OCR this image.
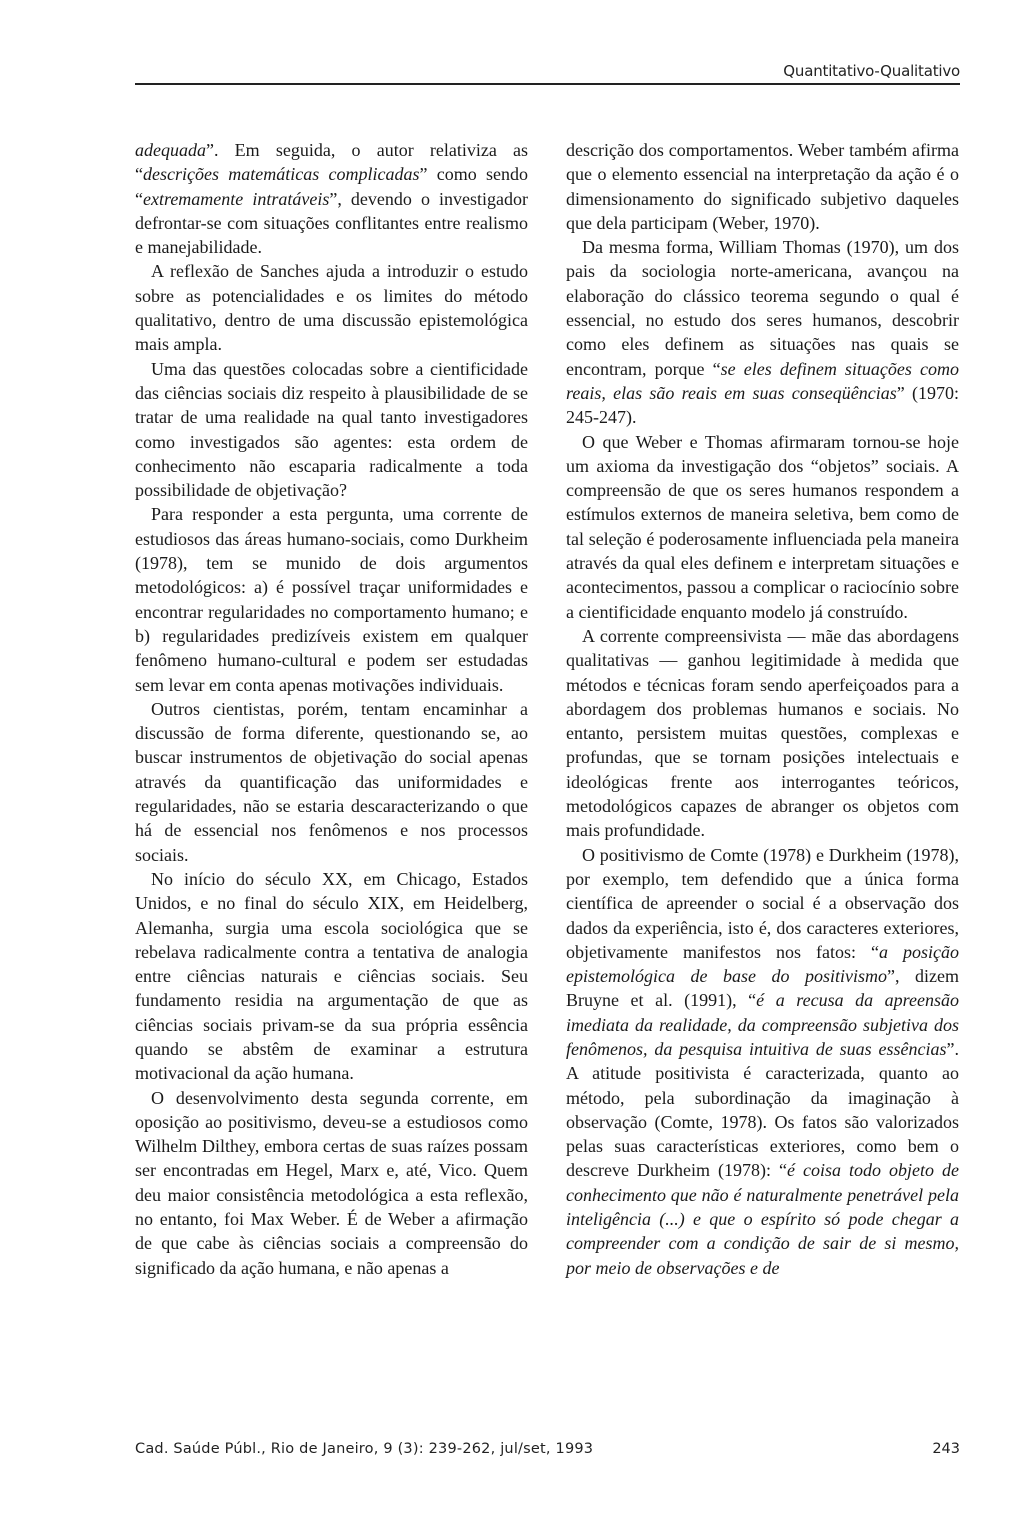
Quantitativo-Qualitativo

adequada”. Em seguida, o autor relativiza as “descrições matemáticas complicadas” como sendo “extremamente intratáveis”, devendo o investigador defrontar-se com situações conflitantes entre realismo e manejabilidade.

A reflexão de Sanches ajuda a introduzir o estudo sobre as potencialidades e os limites do método qualitativo, dentro de uma discussão epistemológica mais ampla.

Uma das questões colocadas sobre a cientificidade das ciências sociais diz respeito à plausibilidade de se tratar de uma realidade na qual tanto investigadores como investigados são agentes: esta ordem de conhecimento não escaparia radicalmente a toda possibilidade de objetivação?

Para responder a esta pergunta, uma corrente de estudiosos das áreas humano-sociais, como Durkheim (1978), tem se munido de dois argumentos metodológicos: a) é possível traçar uniformidades e encontrar regularidades no comportamento humano; e b) regularidades predizíveis existem em qualquer fenômeno humano-cultural e podem ser estudadas sem levar em conta apenas motivações individuais.

Outros cientistas, porém, tentam encaminhar a discussão de forma diferente, questionando se, ao buscar instrumentos de objetivação do social apenas através da quantificação das uniformidades e regularidades, não se estaria descaracterizando o que há de essencial nos fenômenos e nos processos sociais.

No início do século XX, em Chicago, Estados Unidos, e no final do século XIX, em Heidelberg, Alemanha, surgia uma escola sociológica que se rebelava radicalmente contra a tentativa de analogia entre ciências naturais e ciências sociais. Seu fundamento residia na argumentação de que as ciências sociais privam-se da sua própria essência quando se abstêm de examinar a estrutura motivacional da ação humana.

O desenvolvimento desta segunda corrente, em oposição ao positivismo, deveu-se a estudiosos como Wilhelm Dilthey, embora certas de suas raízes possam ser encontradas em Hegel, Marx e, até, Vico. Quem deu maior consistência metodológica a esta reflexão, no entanto, foi Max Weber. É de Weber a afirmação de que cabe às ciências sociais a compreensão do significado da ação humana, e não apenas a

descrição dos comportamentos. Weber também afirma que o elemento essencial na interpretação da ação é o dimensionamento do significado subjetivo daqueles que dela participam (Weber, 1970).

Da mesma forma, William Thomas (1970), um dos pais da sociologia norte-americana, avançou na elaboração do clássico teorema segundo o qual é essencial, no estudo dos seres humanos, descobrir como eles definem as situações nas quais se encontram, porque “se eles definem situações como reais, elas são reais em suas conseqüências” (1970: 245-247).

O que Weber e Thomas afirmaram tornou-se hoje um axioma da investigação dos “objetos” sociais. A compreensão de que os seres humanos respondem a estímulos externos de maneira seletiva, bem como de tal seleção é poderosamente influenciada pela maneira através da qual eles definem e interpretam situações e acontecimentos, passou a complicar o raciocínio sobre a cientificidade enquanto modelo já construído.

A corrente compreensivista — mãe das abordagens qualitativas — ganhou legitimidade à medida que métodos e técnicas foram sendo aperfeiçoados para a abordagem dos problemas humanos e sociais. No entanto, persistem muitas questões, complexas e profundas, que se tornam posições intelectuais e ideológicas frente aos interrogantes teóricos, metodológicos capazes de abranger os objetos com mais profundidade.

O positivismo de Comte (1978) e Durkheim (1978), por exemplo, tem defendido que a única forma científica de apreender o social é a observação dos dados da experiência, isto é, dos caracteres exteriores, objetivamente manifestos nos fatos: “a posição epistemológica de base do positivismo”, dizem Bruyne et al. (1991), “é a recusa da apreensão imediata da realidade, da compreensão subjetiva dos fenômenos, da pesquisa intuitiva de suas essências”. A atitude positivista é caracterizada, quanto ao método, pela subordinação da imaginação à observação (Comte, 1978). Os fatos são valorizados pelas suas características exteriores, como bem o descreve Durkheim (1978): “é coisa todo objeto de conhecimento que não é naturalmente penetrável pela inteligência (...) e que o espírito só pode chegar a compreender com a condição de sair de si mesmo, por meio de observações e de

Cad. Saúde Públ., Rio de Janeiro, 9 (3): 239-262, jul/set, 1993	243
